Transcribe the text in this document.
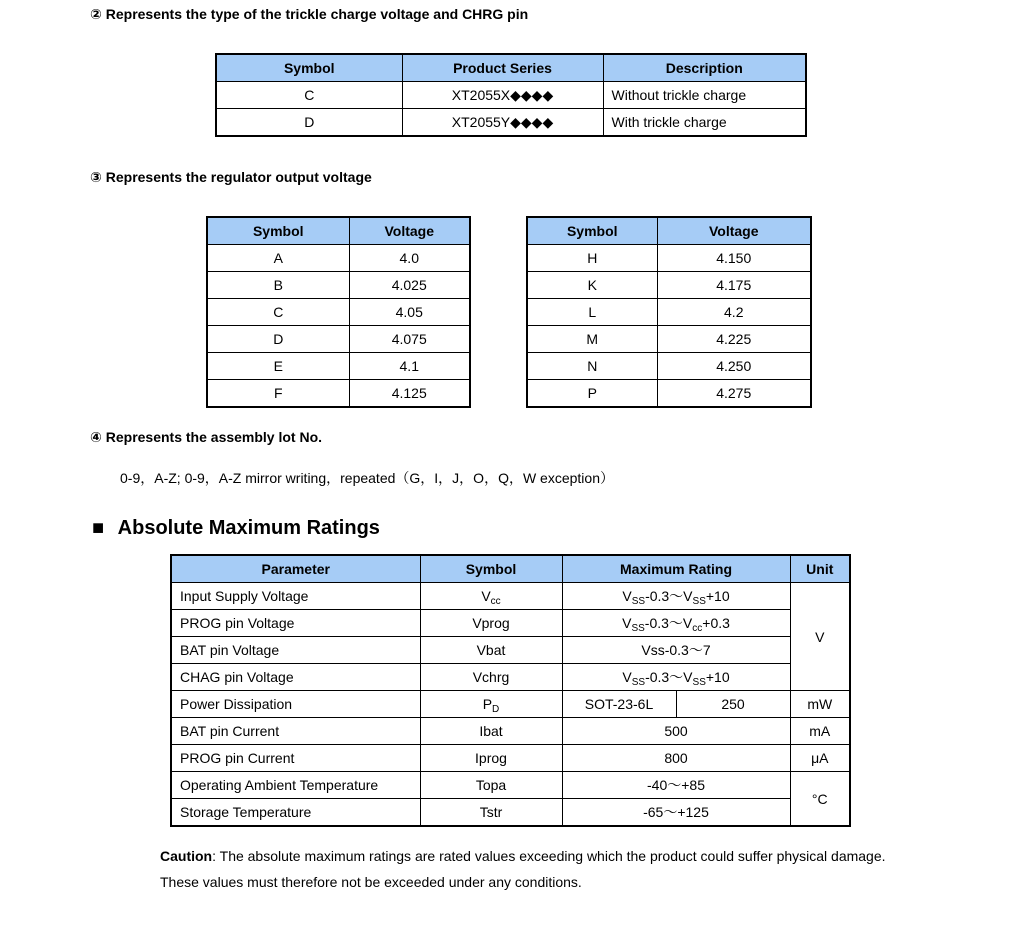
② Represents the type of the trickle charge voltage and CHRG pin
Symbol	Product Series	Description
C	XT2055X◆◆◆◆	Without trickle charge
D	XT2055Y◆◆◆◆	With trickle charge
③ Represents the regulator output voltage
Symbol	Voltage
A	4.0
B	4.025
C	4.05
D	4.075
E	4.1
F	4.125
Symbol	Voltage
H	4.150
K	4.175
L	4.2
M	4.225
N	4.250
P	4.275
④ Represents the assembly lot No.
0-9，A-Z; 0-9，A-Z mirror writing，repeated（G，I，J，O，Q，W exception）
■ Absolute Maximum Ratings
Parameter	Symbol	Maximum Rating		Unit
Input Supply Voltage	$V_{cc}$	$V_{SS}-0.3\sim V_{SS}+10$		V
PROG pin Voltage	Vprog	$V_{SS}-0.3\sim V_{cc}+0.3$		
BAT pin Voltage	Vbat	Vss-0.3～7		
CHAG pin Voltage	Vchrg	$V_{SS}-0.3\sim V_{SS}+10$		
Power Dissipation	$P_D$	SOT-23-6L	250	mW
BAT pin Current	Ibat	500		mA
PROG pin Current	Iprog	800		μA
Operating Ambient Temperature	Topa	-40～+85		°C
Storage Temperature	Tstr	-65～+125		
Caution: The absolute maximum ratings are rated values exceeding which the product could suffer physical damage.
These values must therefore not be exceeded under any conditions.
